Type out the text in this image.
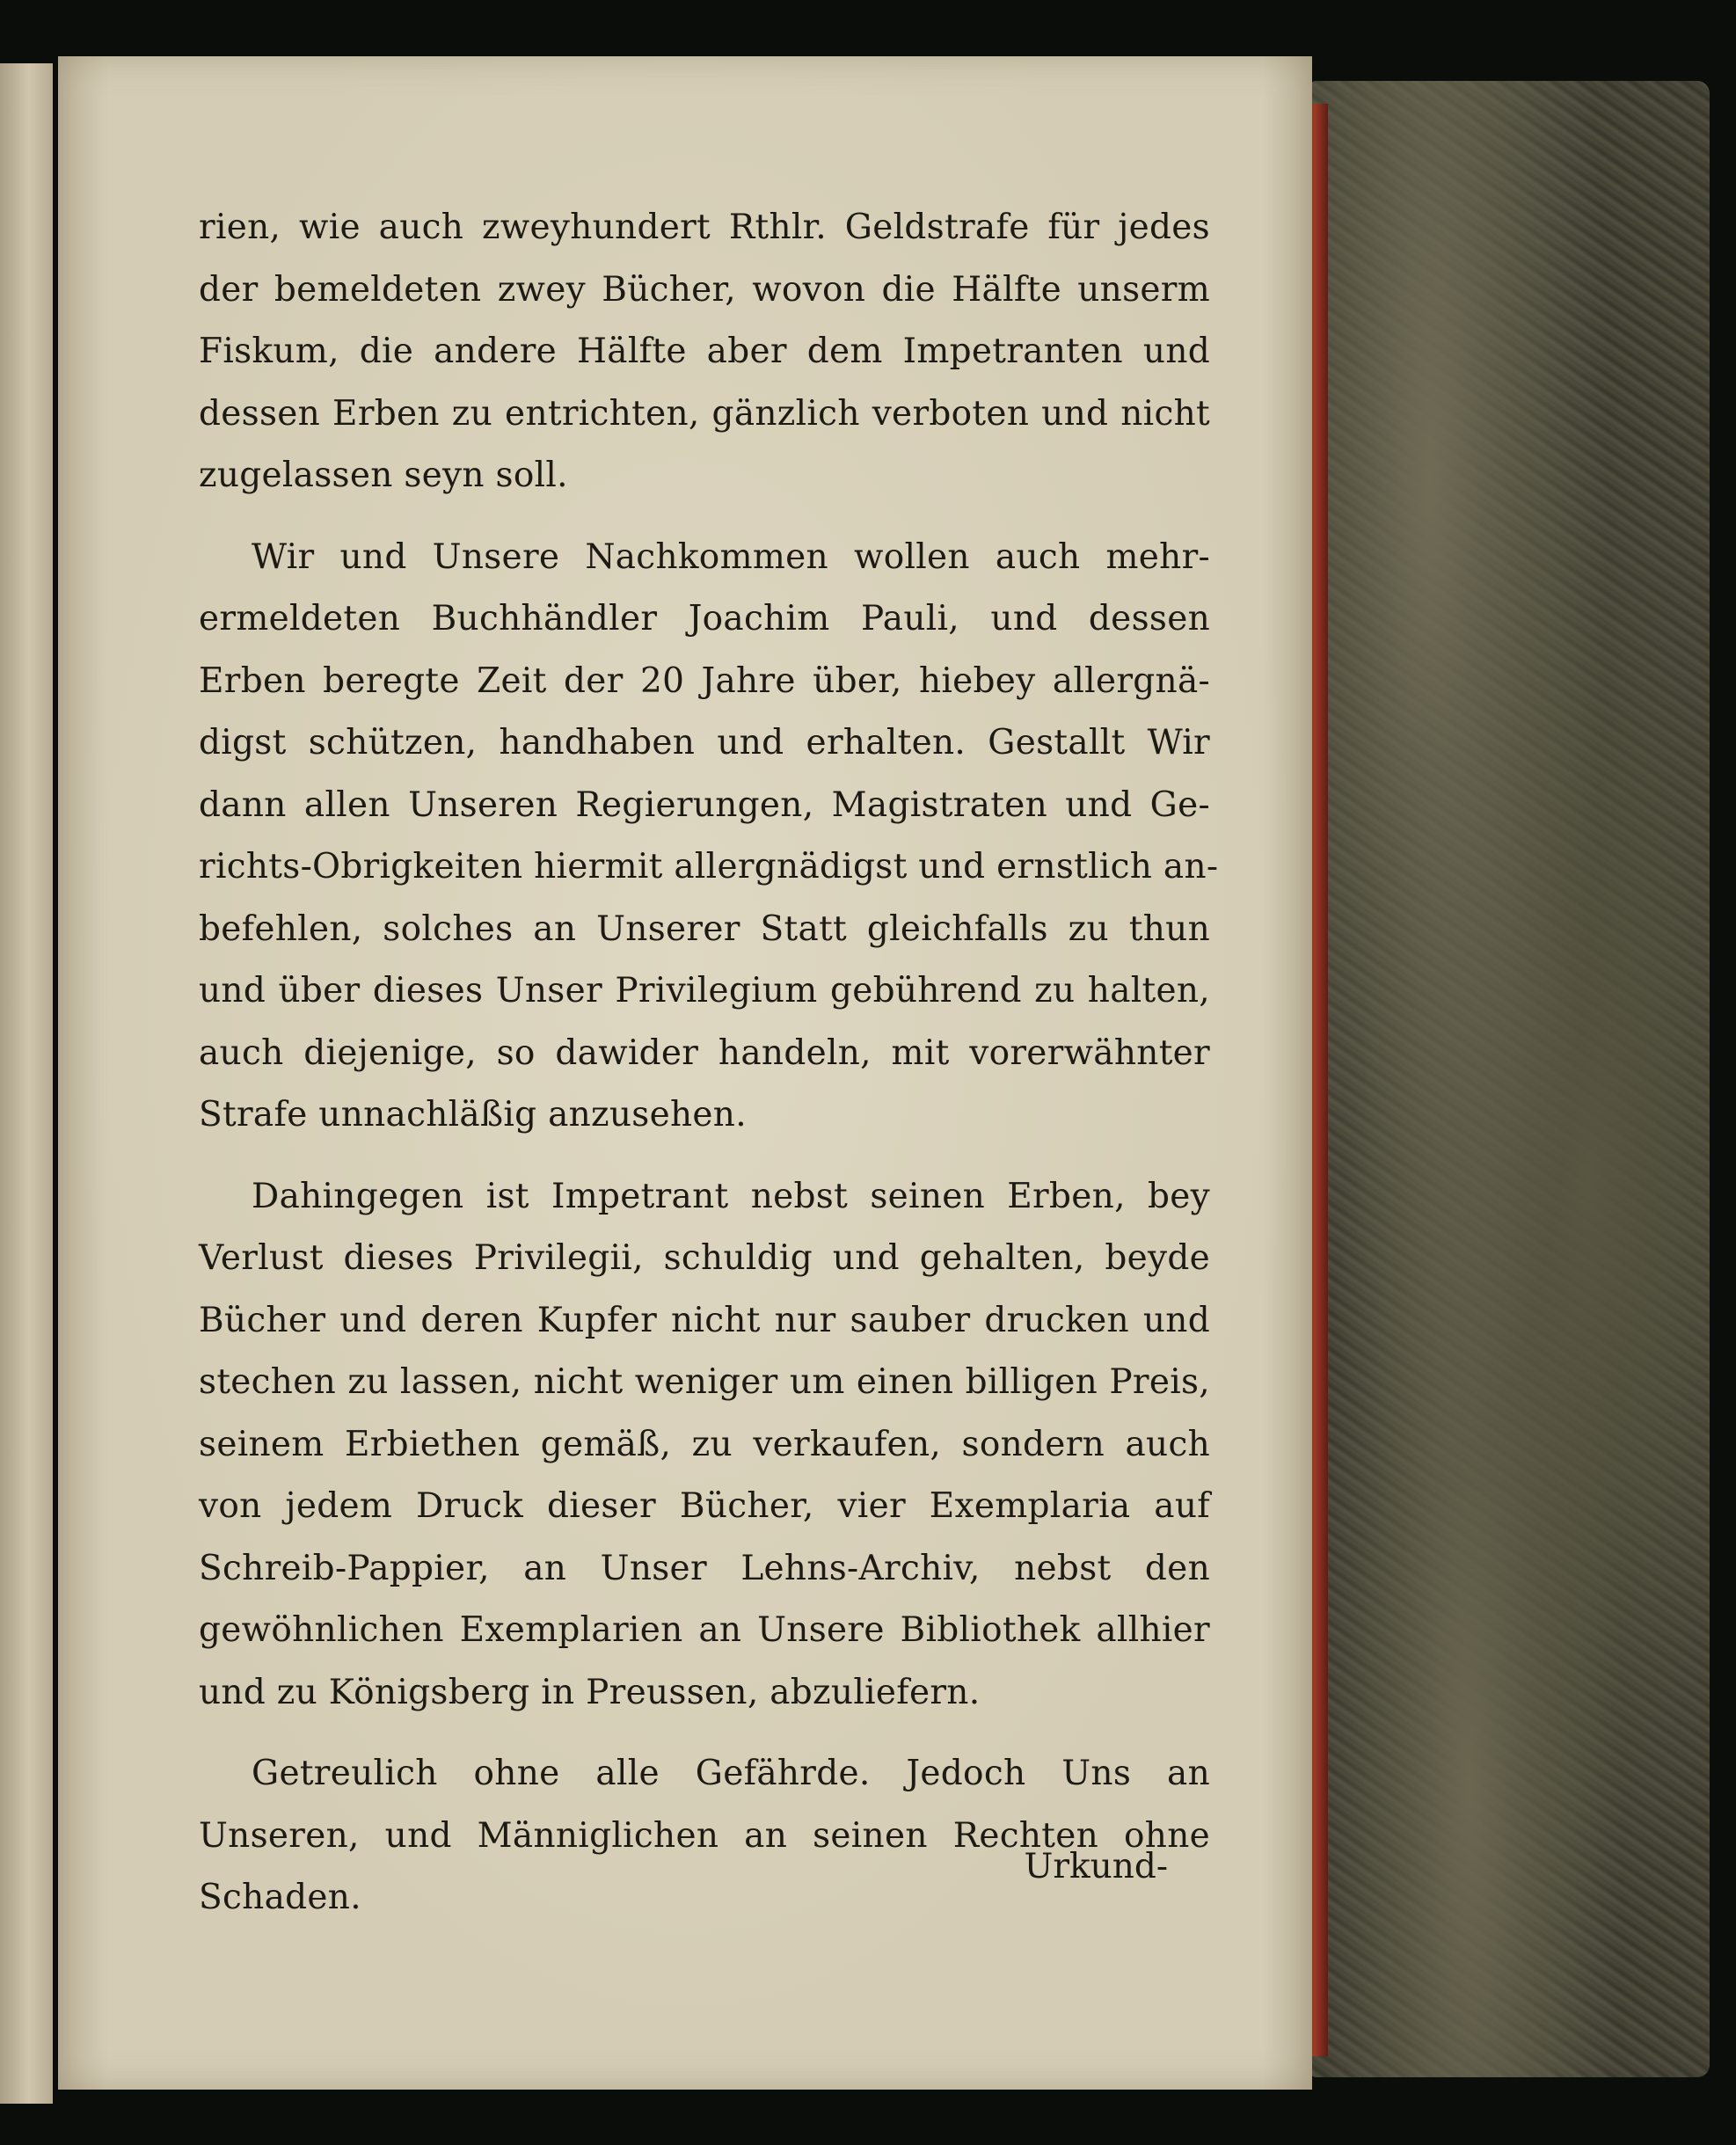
rien, wie auch zweyhundert Rthlr. Geldstrafe für jedes
der bemeldeten zwey Bücher, wovon die Hälfte unserm
Fiskum, die andere Hälfte aber dem Impetranten und
dessen Erben zu entrichten, gänzlich verboten und nicht
zugelassen seyn soll.
Wir und Unsere Nachkommen wollen auch mehr-
ermeldeten Buchhändler Joachim Pauli, und dessen
Erben beregte Zeit der 20 Jahre über, hiebey allergnä-
digst schützen, handhaben und erhalten. Gestallt Wir
dann allen Unseren Regierungen, Magistraten und Ge-
richts-Obrigkeiten hiermit allergnädigst und ernstlich an-
befehlen, solches an Unserer Statt gleichfalls zu thun
und über dieses Unser Privilegium gebührend zu halten,
auch diejenige, so dawider handeln, mit vorerwähnter
Strafe unnachläßig anzusehen.
Dahingegen ist Impetrant nebst seinen Erben, bey
Verlust dieses Privilegii, schuldig und gehalten, beyde
Bücher und deren Kupfer nicht nur sauber drucken und
stechen zu lassen, nicht weniger um einen billigen Preis,
seinem Erbiethen gemäß, zu verkaufen, sondern auch
von jedem Druck dieser Bücher, vier Exemplaria auf
Schreib-Pappier, an Unser Lehns-Archiv, nebst den
gewöhnlichen Exemplarien an Unsere Bibliothek allhier
und zu Königsberg in Preussen, abzuliefern.
Getreulich ohne alle Gefährde. Jedoch Uns an
Unseren, und Männiglichen an seinen Rechten ohne
Schaden.
Urkund-
